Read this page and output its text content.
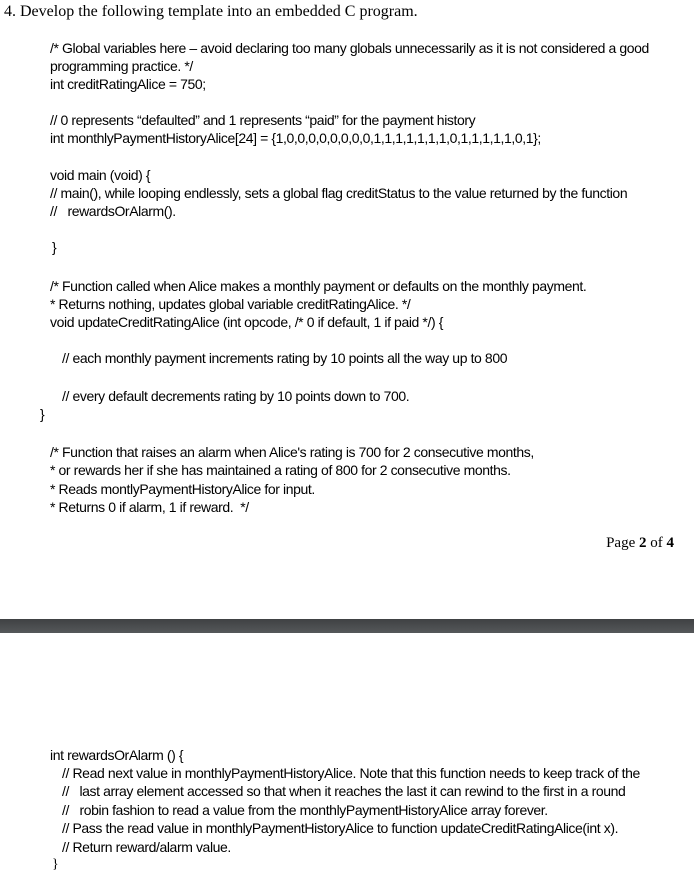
4. Develop the following template into an embedded C program.
/* Global variables here – avoid declaring too many globals unnecessarily as it is not considered a good
programming practice. */
int creditRatingAlice = 750;
// 0 represents “defaulted” and 1 represents “paid” for the payment history
int monthlyPaymentHistoryAlice[24] = {1,0,0,0,0,0,0,0,0,1,1,1,1,1,1,1,0,1,1,1,1,1,0,1};
void main (void) {
// main(), while looping endlessly, sets a global flag creditStatus to the value returned by the function
//   rewardsOrAlarm().
}
/* Function called when Alice makes a monthly payment or defaults on the monthly payment.
* Returns nothing, updates global variable creditRatingAlice. */
void updateCreditRatingAlice (int opcode, /* 0 if default, 1 if paid */) {
// each monthly payment increments rating by 10 points all the way up to 800
// every default decrements rating by 10 points down to 700.
}
/* Function that raises an alarm when Alice's rating is 700 for 2 consecutive months,
* or rewards her if she has maintained a rating of 800 for 2 consecutive months.
* Reads montlyPaymentHistoryAlice for input.
* Returns 0 if alarm, 1 if reward.  */
Page 2 of 4
int rewardsOrAlarm () {
// Read next value in monthlyPaymentHistoryAlice. Note that this function needs to keep track of the
//   last array element accessed so that when it reaches the last it can rewind to the first in a round
//   robin fashion to read a value from the monthlyPaymentHistoryAlice array forever.
// Pass the read value in monthlyPaymentHistoryAlice to function updateCreditRatingAlice(int x).
// Return reward/alarm value.
}
